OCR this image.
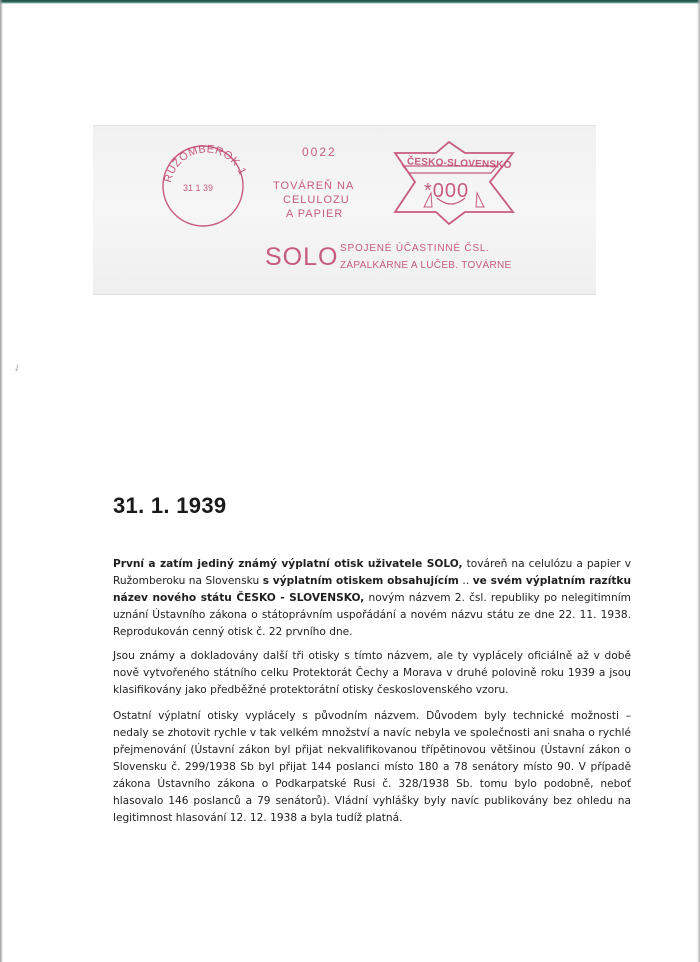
RUŽOMBEROK 1
31 1 39
0022
TOVÁREŇ NA
CELULOZU
A PAPIER
SOLO SPOJENÉ ÚČASTINNÉ ČSL.
ZÁPALKÁRNE A LUČEB. TOVÁRNE
ČESKO-SLOVENSKO
*000
✓
31. 1. 1939

První a zatím jediný známý výplatní otisk uživatele SOLO, továreň na celulózu a papier v Ružomberoku na Slovensku s výplatním otiskem obsahujícím ‥ ve svém výplatním razítku název nového státu ČESKO - SLOVENSKO, novým názvem 2. čsl. republiky po nelegitimním uznání Ústavního zákona o státoprávním uspořádání a novém názvu státu ze dne 22. 11. 1938. Reprodukován cenný otisk č. 22 prvního dne.

Jsou známy a dokladovány další tři otisky s tímto názvem, ale ty vyplácely oficiálně až v době nově vytvořeného státního celku Protektorát Čechy a Morava v druhé polovině roku 1939 a jsou klasifikovány jako předběžné protektorátní otisky československého vzoru.

Ostatní výplatní otisky vyplácely s původním názvem. Důvodem byly technické možnosti – nedaly se zhotovit rychle v tak velkém množství a navíc nebyla ve společnosti ani snaha o rychlé přejmenování (Ústavní zákon byl přijat nekvalifikovanou třípětinovou většinou (Ústavní zákon o Slovensku č. 299/1938 Sb byl přijat 144 poslanci místo 180 a 78 senátory místo 90. V případě zákona Ústavního zákona o Podkarpatské Rusi č. 328/1938 Sb. tomu bylo podobně, neboť hlasovalo 146 poslanců a 79 senátorů). Vládní vyhlášky byly navíc publikovány bez ohledu na legitimnost hlasování 12. 12. 1938 a byla tudíž platná.
